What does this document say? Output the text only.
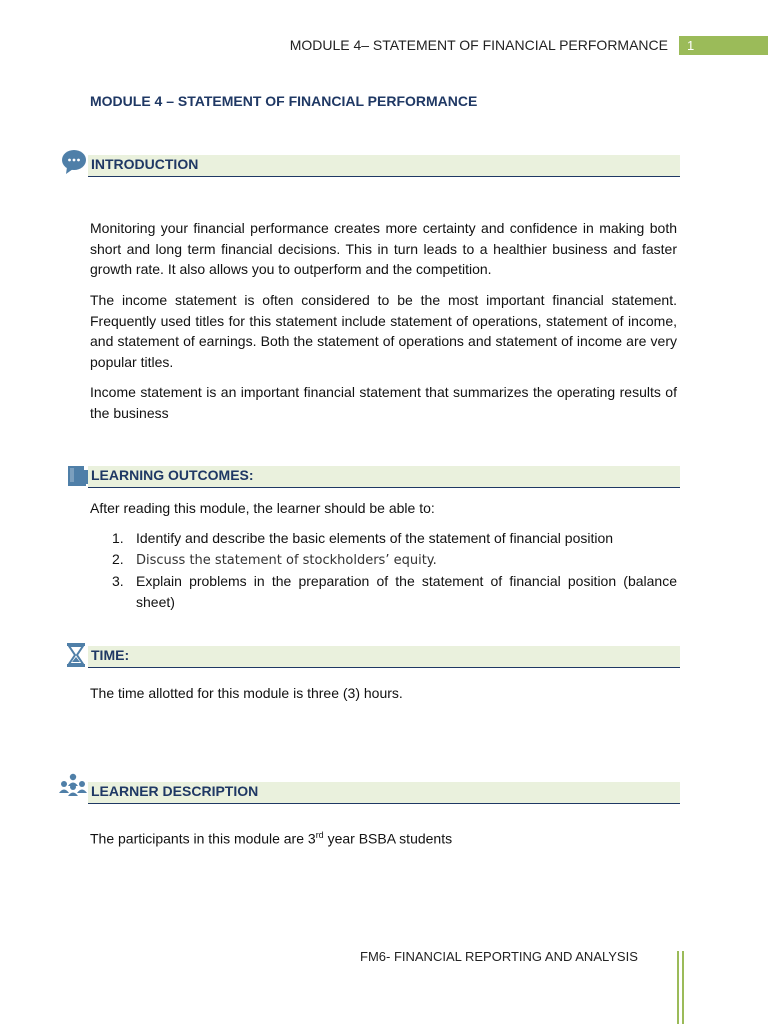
MODULE 4– STATEMENT OF FINANCIAL PERFORMANCE	1
MODULE 4 – STATEMENT OF FINANCIAL PERFORMANCE
INTRODUCTION

Monitoring your financial performance creates more certainty and confidence in making both short and long term financial decisions. This in turn leads to a healthier business and faster growth rate. It also allows you to outperform and the competition.

The income statement is often considered to be the most important financial statement. Frequently used titles for this statement include statement of operations, statement of income, and statement of earnings. Both the statement of operations and statement of income are very popular titles.

Income statement is an important financial statement that summarizes the operating results of the business

LEARNING OUTCOMES:

After reading this module, the learner should be able to:

1. Identify and describe the basic elements of the statement of financial position
2. Discuss the statement of stockholders’ equity.
3. Explain problems in the preparation of the statement of financial position (balance sheet)
TIME:

The time allotted for this module is three (3) hours.

LEARNER DESCRIPTION

The participants in this module are 3rd year BSBA students

FM6- FINANCIAL REPORTING AND ANALYSIS
